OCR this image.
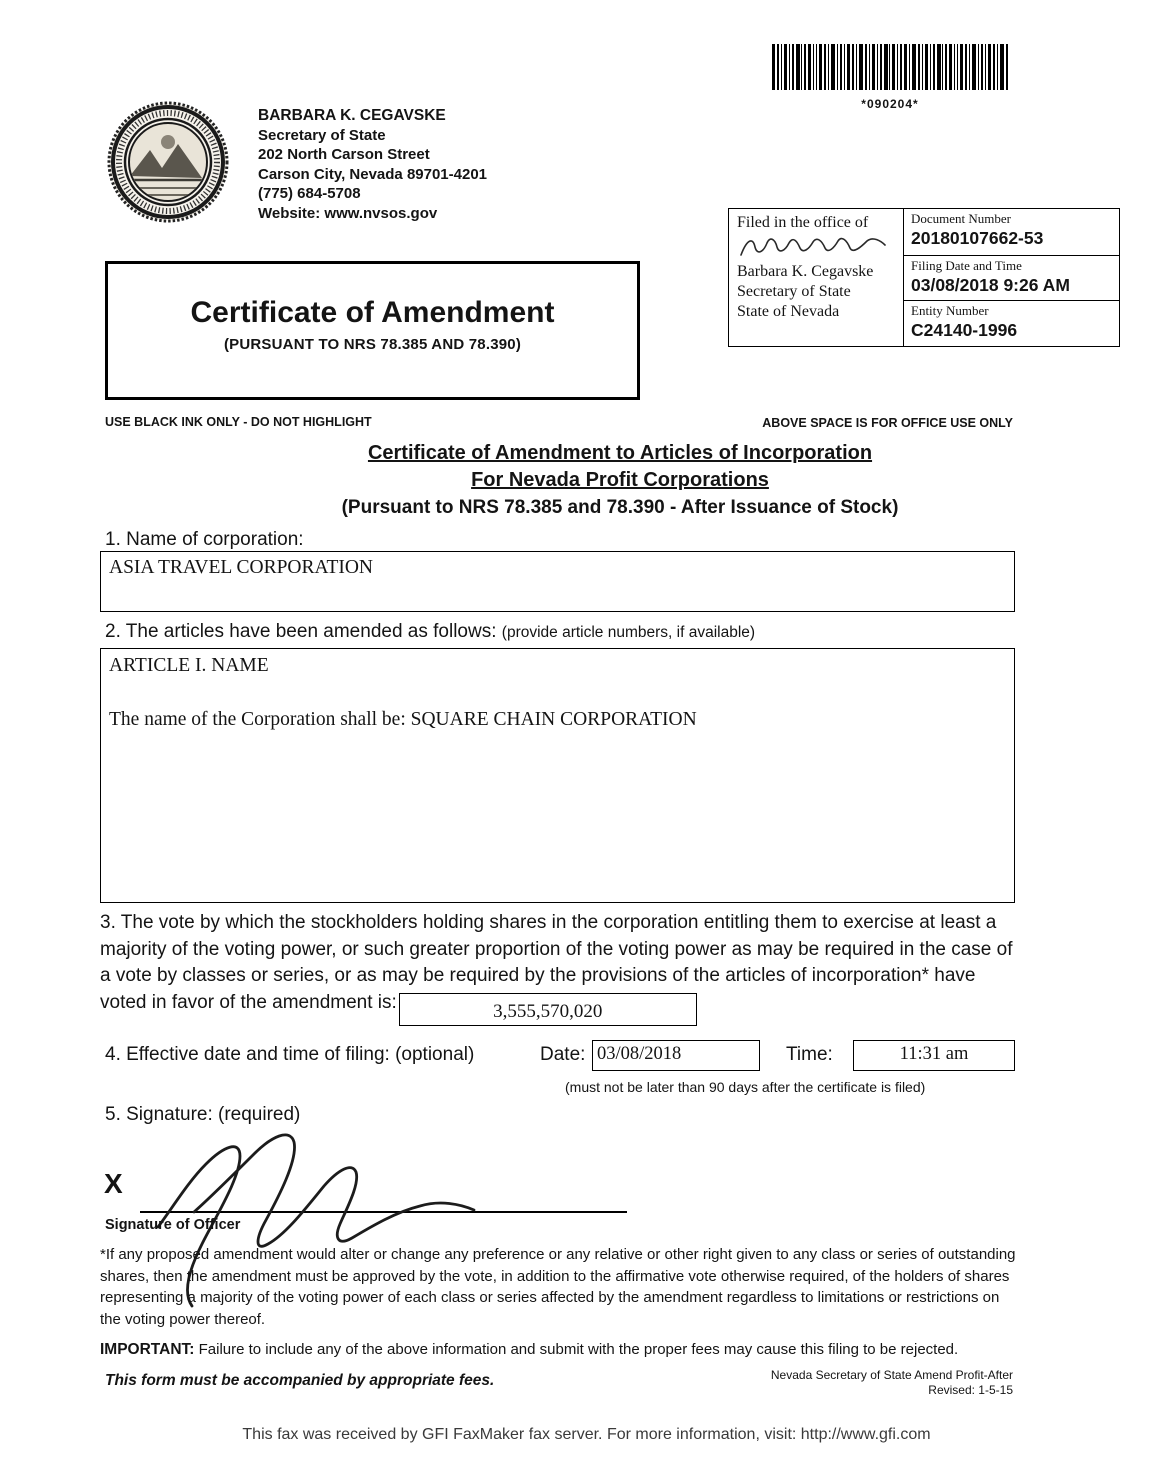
*090204*
BARBARA K. CEGAVSKE
Secretary of State
202 North Carson Street
Carson City, Nevada 89701-4201
(775) 684-5708
Website: www.nvsos.gov
Certificate of Amendment
(PURSUANT TO NRS 78.385 AND 78.390)
Filed in the office of
Barbara K. Cegavske
Secretary of State
State of Nevada
Document Number
20180107662-53
Filing Date and Time
03/08/2018 9:26 AM
Entity Number
C24140-1996
USE BLACK INK ONLY - DO NOT HIGHLIGHT	ABOVE SPACE IS FOR OFFICE USE ONLY
Certificate of Amendment to Articles of Incorporation
For Nevada Profit Corporations
(Pursuant to NRS 78.385 and 78.390 - After Issuance of Stock)
1. Name of corporation:
ASIA TRAVEL CORPORATION
2. The articles have been amended as follows: (provide article numbers, if available)
ARTICLE I. NAME
The name of the Corporation shall be: SQUARE CHAIN CORPORATION
3. The vote by which the stockholders holding shares in the corporation entitling them to exercise at least a majority of the voting power, or such greater proportion of the voting power as may be required in the case of a vote by classes or series, or as may be required by the provisions of the articles of incorporation* have voted in favor of the amendment is:	3,555,570,020
4. Effective date and time of filing: (optional)	Date: 03/08/2018	Time:	11:31 am
(must not be later than 90 days after the certificate is filed)
5. Signature: (required)
X
Signature of Officer
*If any proposed amendment would alter or change any preference or any relative or other right given to any class or series of outstanding shares, then the amendment must be approved by the vote, in addition to the affirmative vote otherwise required, of the holders of shares representing a majority of the voting power of each class or series affected by the amendment regardless to limitations or restrictions on the voting power thereof.
IMPORTANT: Failure to include any of the above information and submit with the proper fees may cause this filing to be rejected.
This form must be accompanied by appropriate fees.	Nevada Secretary of State Amend Profit-After
Revised: 1-5-15
This fax was received by GFI FaxMaker fax server. For more information, visit: http://www.gfi.com
